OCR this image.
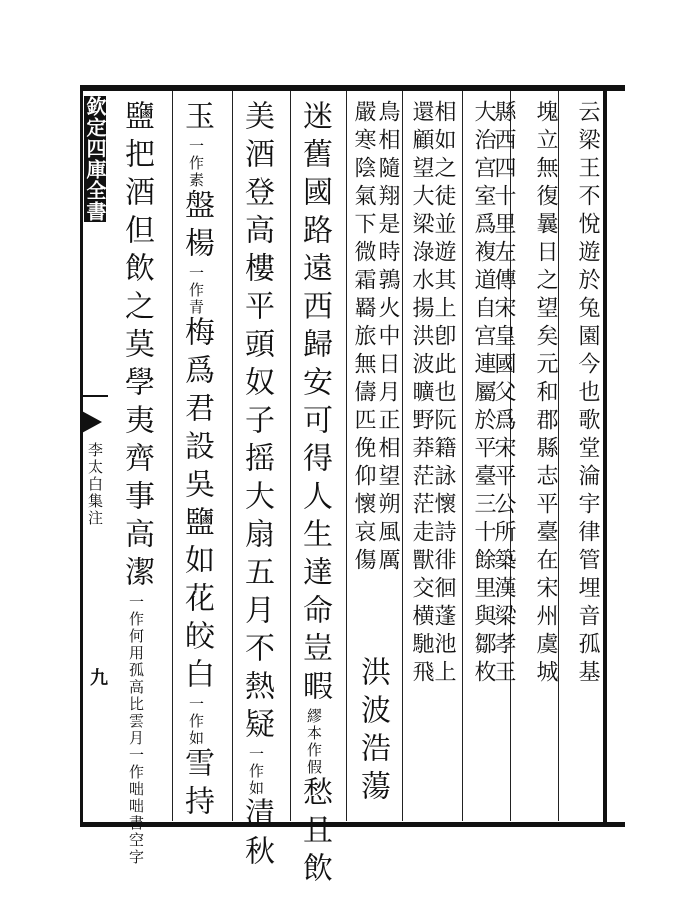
欽定四庫全書
李太白集注
九	云梁王不悅遊於兔園今也歌堂淪宇律管埋音孤基
塊立無復曩日之望矣元和郡縣志平臺在宋州虞城
縣西四十里左傳宋皇國父爲宋平公所築漢梁孝王
大治宫室爲複道自宫連屬於平臺三十餘里與鄒枚
相如之徒並遊其上卽此也阮籍詠懷詩徘徊蓬池上
還顧望大梁淥水揚洪波曠野莽茫茫走獸交横馳飛
鳥相隨翔是時鶉火中日月正相望朔風厲
嚴寒陰氣下微霜羇旅無儔匹俛仰懷哀傷
洪波浩蕩
迷舊國路遠西歸安可得人生達命豈暇繆本作假愁且飲
美酒登高樓平頭奴子摇大扇五月不熱疑一作如清秋
玉一作素盤楊一作青梅爲君設吳鹽如花皎白一作如雪持
鹽把酒但飲之莫學夷齊事高潔一作何用孤高比雲月一作咄咄書空字
